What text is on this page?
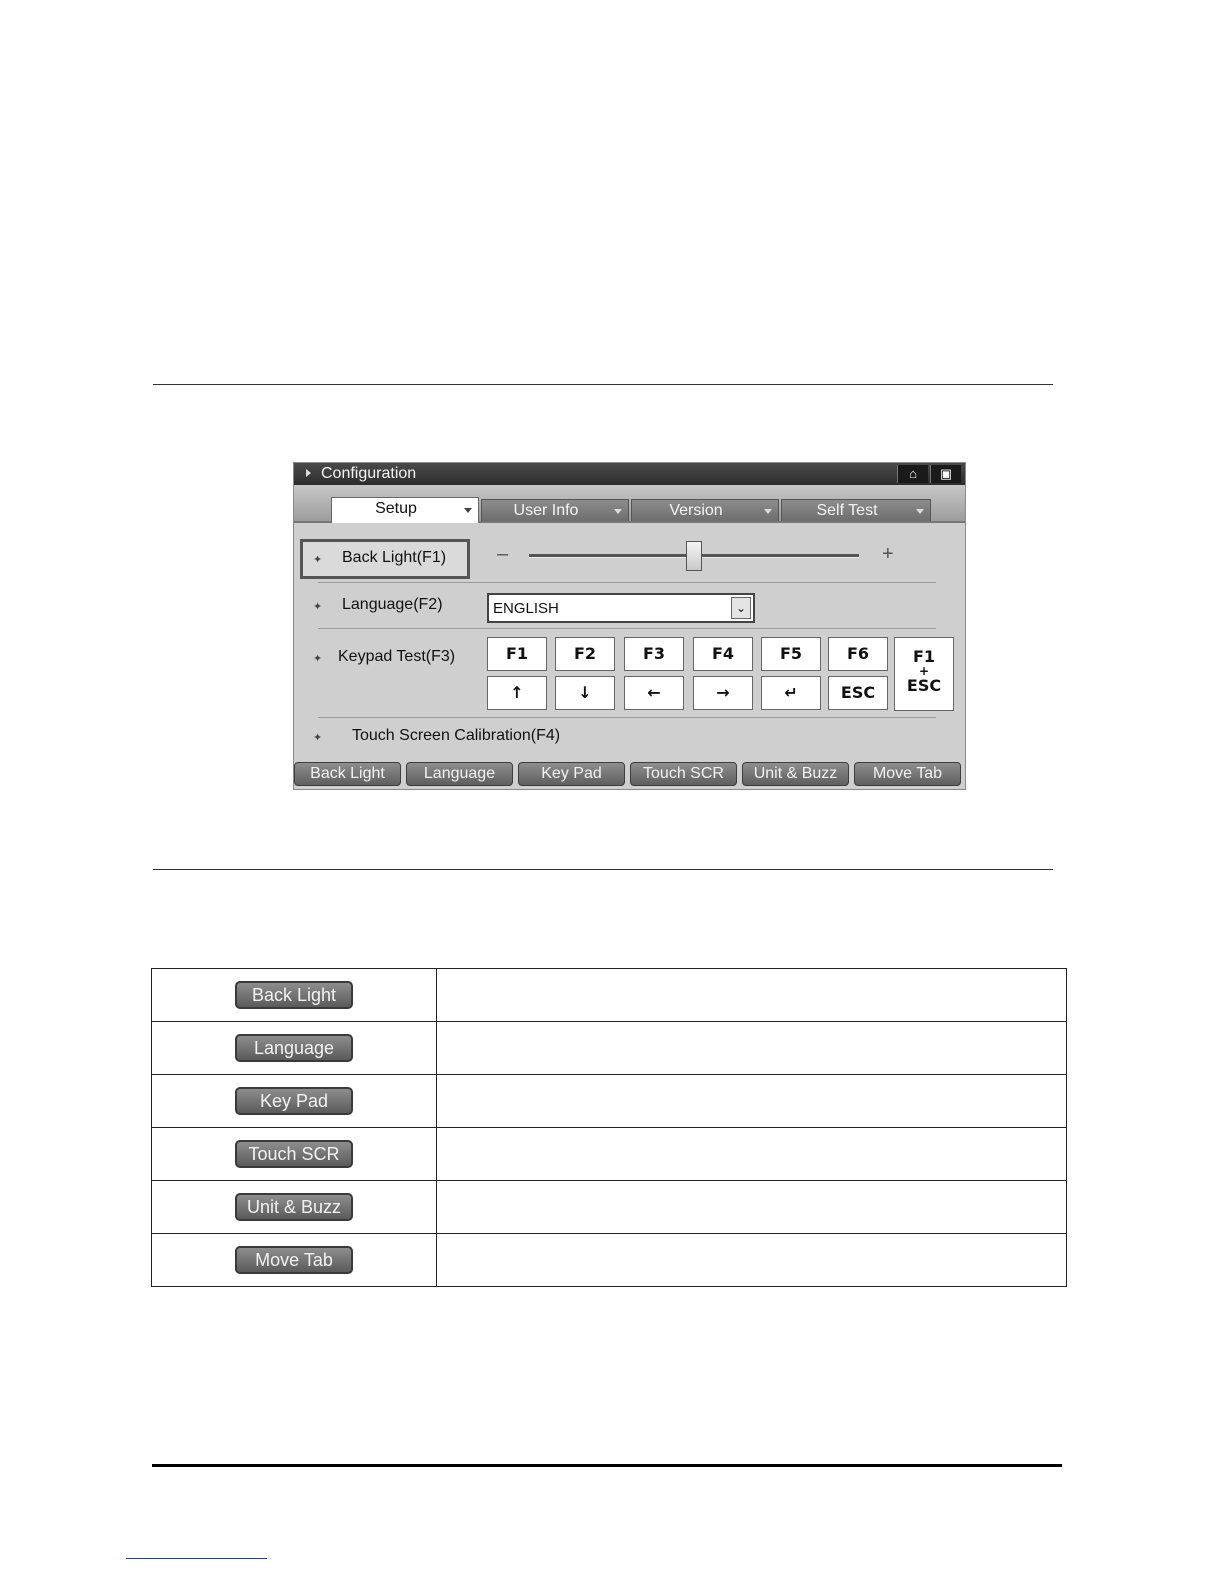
Configuration	⌂	▣
Setup	User Info	Version	Self Test
✦ Back Light(F1)	–	+
✦ Language(F2)	ENGLISH	⌄
✦ Keypad Test(F3)	F1	F2	F3	F4	F5	F6
↑	↓	←	→	↵	ESC
F1
+
ESC
✦ Touch Screen Calibration(F4)
Back Light	Language	Key Pad	Touch SCR	Unit & Buzz	Move Tab
Back Light	
Language	
Key Pad	
Touch SCR	
Unit & Buzz	
Move Tab	
